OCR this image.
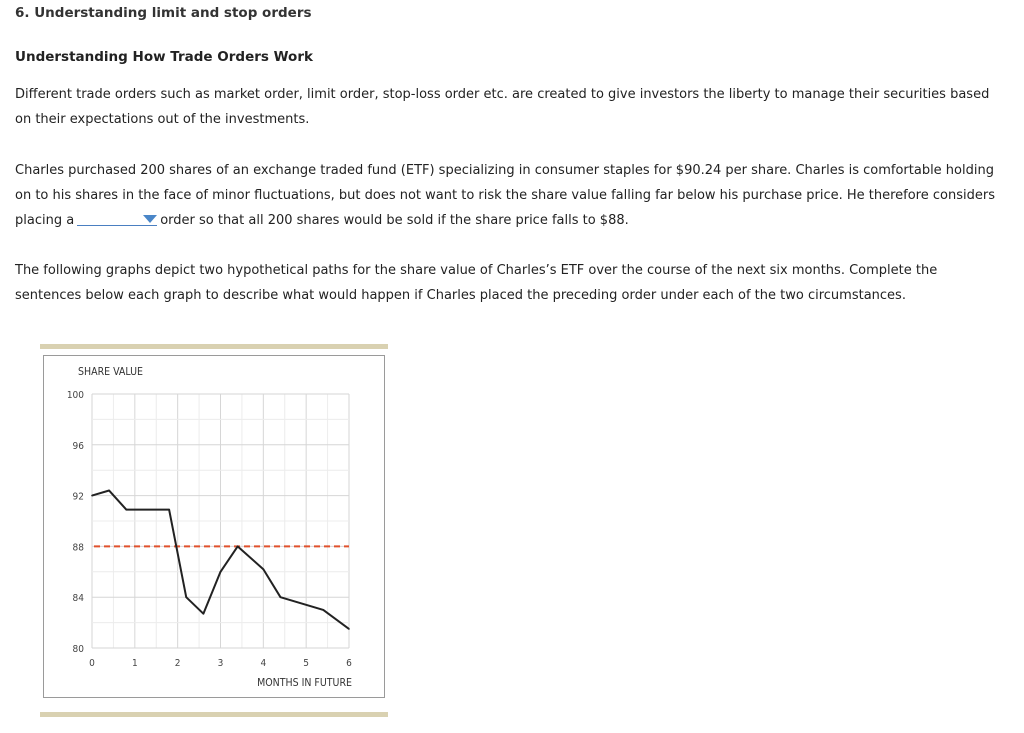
6. Understanding limit and stop orders
Understanding How Trade Orders Work

Different trade orders such as market order, limit order, stop-loss order etc. are created to give investors the liberty to manage their securities based on their expectations out of the investments.

Charles purchased 200 shares of an exchange traded fund (ETF) specializing in consumer staples for $90.24 per share. Charles is comfortable holding on to his shares in the face of minor fluctuations, but does not want to risk the share value falling far below his purchase price. He therefore considers placing a	order so that all 200 shares would be sold if the share price falls to $88.

The following graphs depict two hypothetical paths for the share value of Charles’s ETF over the course of the next six months. Complete the sentences below each graph to describe what would happen if Charles placed the preceding order under each of the two circumstances.

80
84
88
92
96
100
0	1	2	3	4	5	6
SHARE VALUE
MONTHS IN FUTURE
